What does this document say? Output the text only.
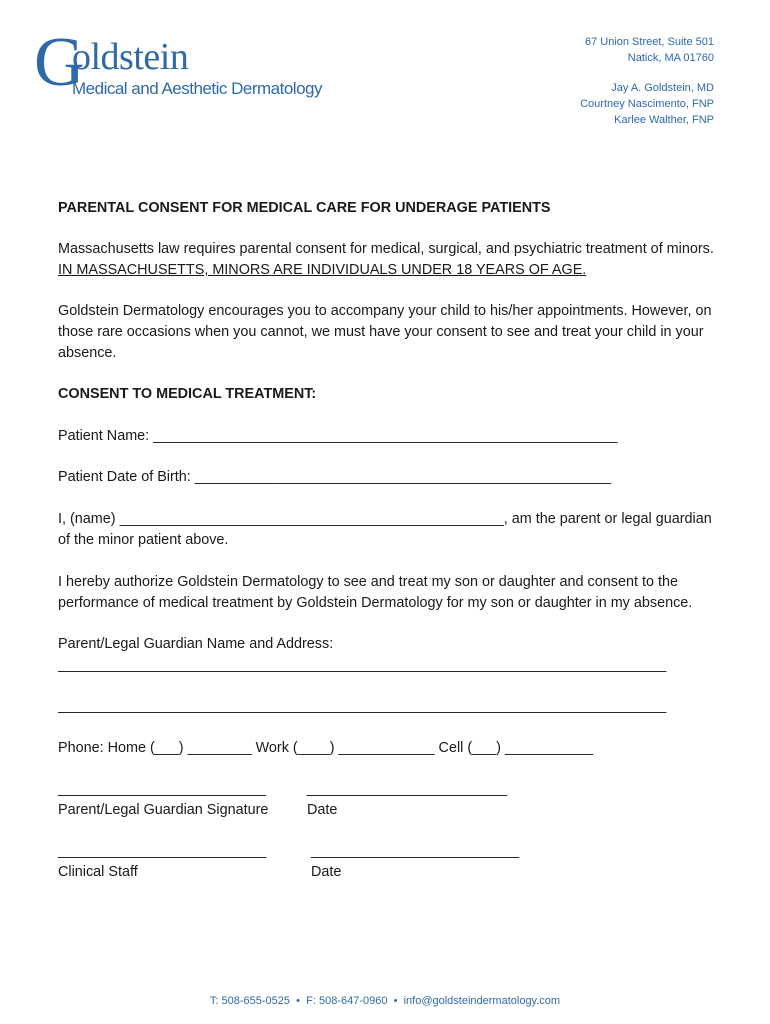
G
oldstein
Medical and Aesthetic Dermatology
67 Union Street, Suite 501
Natick, MA 01760
Jay A. Goldstein, MD
Courtney Nascimento, FNP
Karlee Walther, FNP

PARENTAL CONSENT FOR MEDICAL CARE FOR UNDERAGE PATIENTS

Massachusetts law requires parental consent for medical, surgical, and psychiatric treatment of minors.  IN MASSACHUSETTS, MINORS ARE INDIVIDUALS UNDER 18 YEARS OF AGE.

Goldstein Dermatology encourages you to accompany your child to his/her appointments. However, on those rare occasions when you cannot, we must have your consent to see and treat your child in your absence.

CONSENT TO MEDICAL TREATMENT:

Patient Name: __________________________________________________________

Patient Date of Birth: ____________________________________________________

I, (name) ________________________________________________, am the parent or legal guardian of the minor patient above.

I hereby authorize Goldstein Dermatology to see and treat my son or daughter and consent to the performance of medical treatment by Goldstein Dermatology for my son or daughter in my absence.

Parent/Legal Guardian Name and Address:

____________________________________________________________________________

____________________________________________________________________________

Phone: Home (___) ________ Work (____) ____________ Cell (___) ___________

__________________________
Parent/Legal Guardian Signature
_________________________
Date
__________________________
Clinical Staff
__________________________
Date
T: 508-655-0525 • F: 508-647-0960 • info@goldsteindermatology.com
